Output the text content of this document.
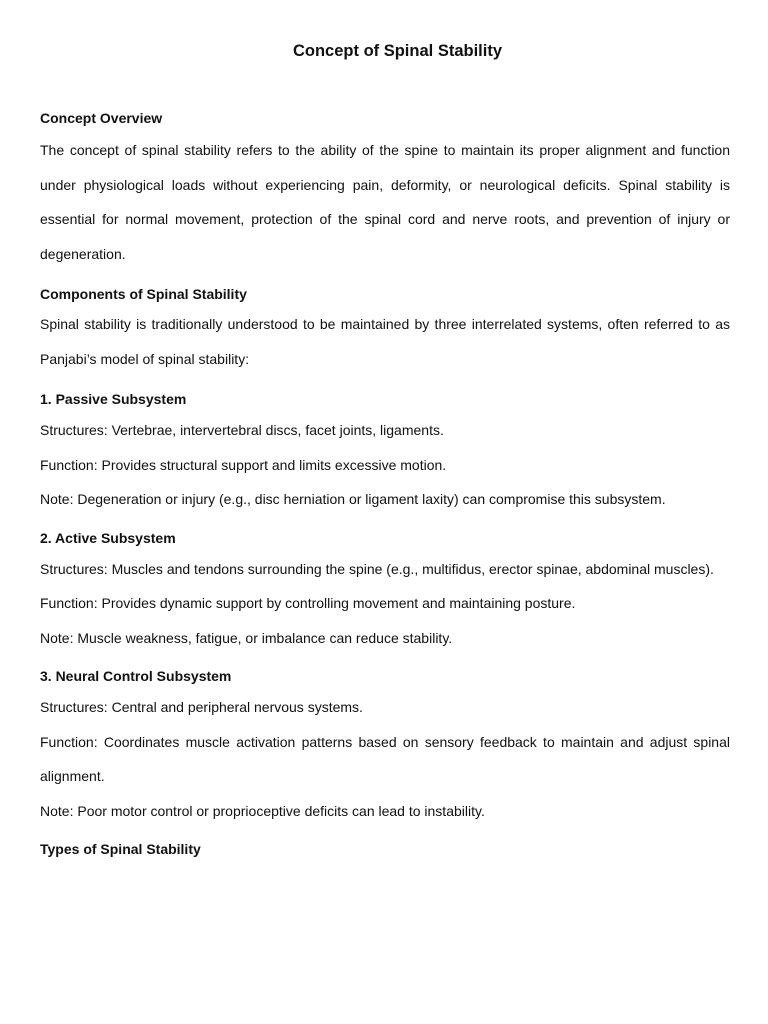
Concept of Spinal Stability
Concept Overview

The concept of spinal stability refers to the ability of the spine to maintain its proper alignment and function under physiological loads without experiencing pain, deformity, or neurological deficits. Spinal stability is essential for normal movement, protection of the spinal cord and nerve roots, and prevention of injury or degeneration.

Components of Spinal Stability

Spinal stability is traditionally understood to be maintained by three interrelated systems, often referred to as Panjabi’s model of spinal stability:

1. Passive Subsystem

Structures: Vertebrae, intervertebral discs, facet joints, ligaments.

Function: Provides structural support and limits excessive motion.

Note: Degeneration or injury (e.g., disc herniation or ligament laxity) can compromise this subsystem.

2. Active Subsystem

Structures: Muscles and tendons surrounding the spine (e.g., multifidus, erector spinae, abdominal muscles).

Function: Provides dynamic support by controlling movement and maintaining posture.

Note: Muscle weakness, fatigue, or imbalance can reduce stability.

3. Neural Control Subsystem

Structures: Central and peripheral nervous systems.

Function: Coordinates muscle activation patterns based on sensory feedback to maintain and adjust spinal alignment.

Note: Poor motor control or proprioceptive deficits can lead to instability.

Types of Spinal Stability
